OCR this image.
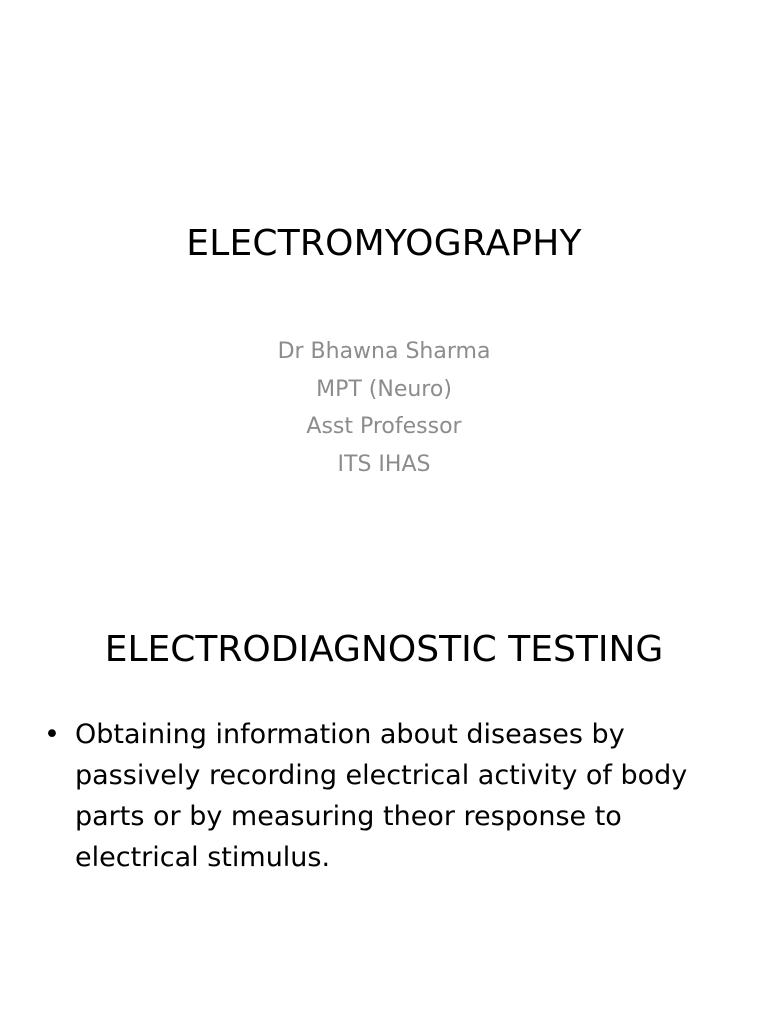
ELECTROMYOGRAPHY
Dr Bhawna Sharma
MPT (Neuro)
Asst Professor
ITS IHAS
ELECTRODIAGNOSTIC TESTING
• Obtaining information about diseases by passively recording electrical activity of body parts or by measuring theor response to electrical stimulus.
